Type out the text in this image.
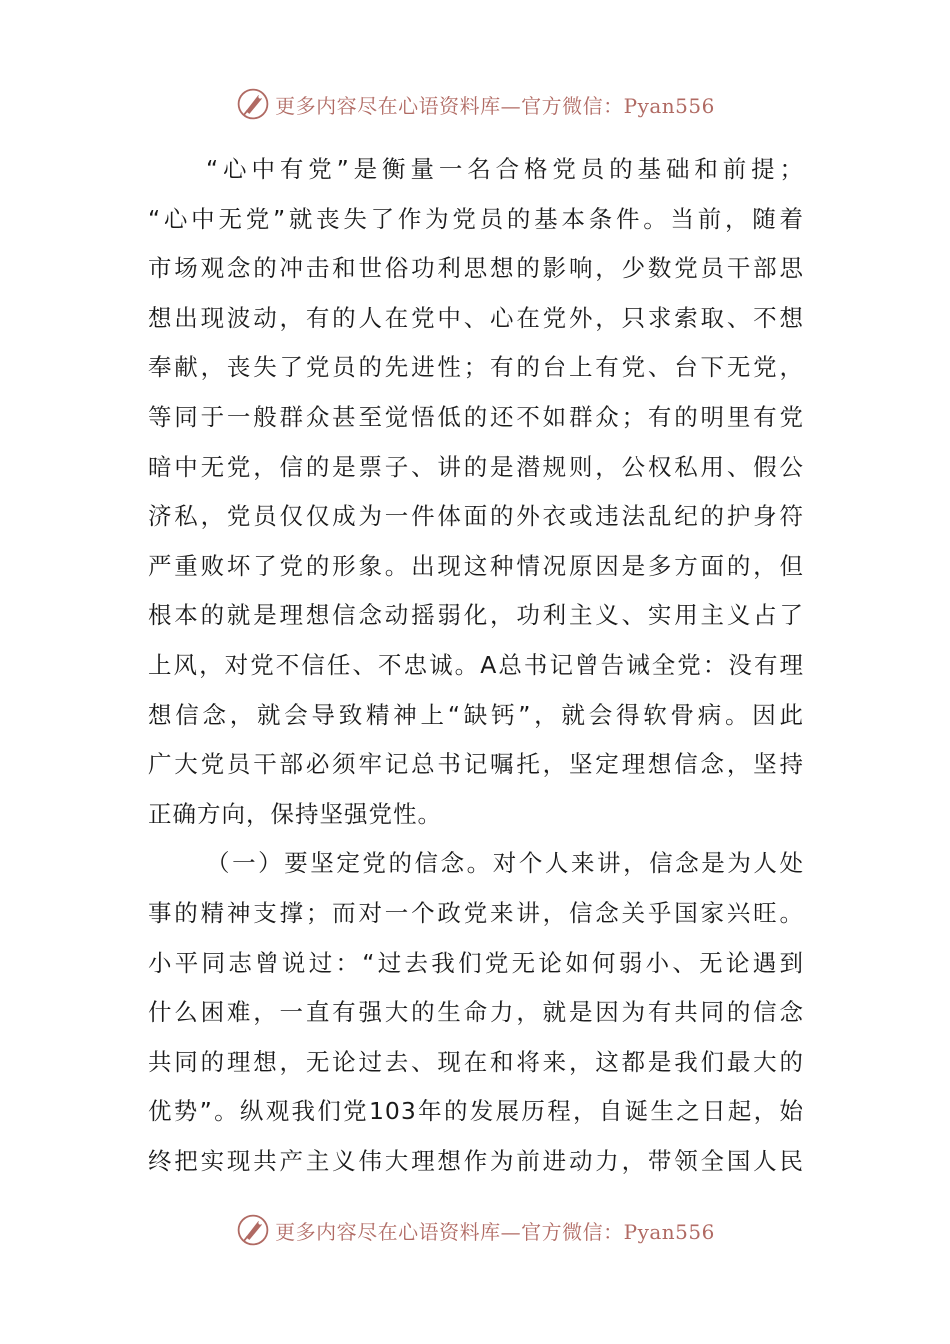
更多内容尽在心语资料库—官方微信：Pyan556
“心中有党”是衡量一名合格党员的基础和前提；
“心中无党”就丧失了作为党员的基本条件。当前，随着
市场观念的冲击和世俗功利思想的影响，少数党员干部思
想出现波动，有的人在党中、心在党外，只求索取、不想
奉献，丧失了党员的先进性；有的台上有党、台下无党，
等同于一般群众甚至觉悟低的还不如群众；有的明里有党
暗中无党，信的是票子、讲的是潜规则，公权私用、假公
济私，党员仅仅成为一件体面的外衣或违法乱纪的护身符
严重败坏了党的形象。出现这种情况原因是多方面的，但
根本的就是理想信念动摇弱化，功利主义、实用主义占了
上风，对党不信任、不忠诚。A总书记曾告诫全党：没有理
想信念，就会导致精神上“缺钙”，就会得软骨病。因此
广大党员干部必须牢记总书记嘱托，坚定理想信念，坚持
正确方向，保持坚强党性。
（一）要坚定党的信念。对个人来讲，信念是为人处
事的精神支撑；而对一个政党来讲，信念关乎国家兴旺。
小平同志曾说过：“过去我们党无论如何弱小、无论遇到
什么困难，一直有强大的生命力，就是因为有共同的信念
共同的理想，无论过去、现在和将来，这都是我们最大的
优势”。纵观我们党103年的发展历程，自诞生之日起，始
终把实现共产主义伟大理想作为前进动力，带领全国人民
更多内容尽在心语资料库—官方微信：Pyan556
